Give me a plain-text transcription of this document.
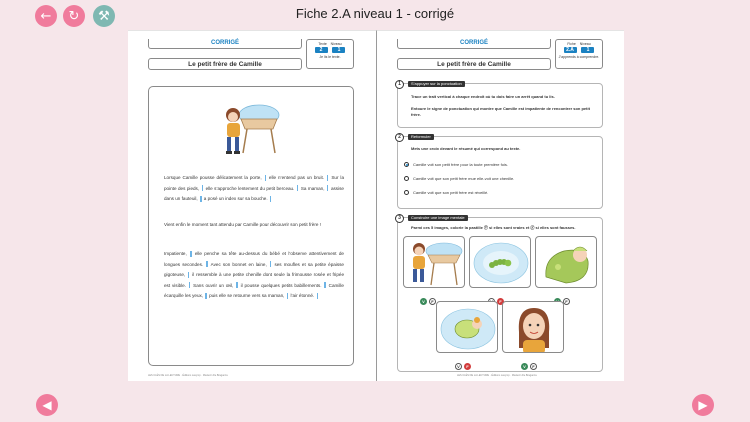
← ↻ ⚒	Fiche 2.A niveau 1 - corrigé
CORRIGÉ
Le petit frère de Camille
Texte Niveau
2	1
Je lis le texte.
Lorsque Camille pousse délicatement la porte,  elle n’entend pas un bruit.  Sur la pointe des pieds,  elle s’approche lentement du petit berceau.  Sa maman,  assise dans un fauteuil,  a posé un index sur sa bouche.
Vient enfin le moment tant attendu par Camille pour découvrir son petit frère !
Impatiente,  elle penche sa tête au-dessus du bébé et l’observe attentivement de longues secondes.  Avec son bonnet en laine,  ses moufles et sa petite épaisse gigoteuse,  il ressemble à une petite chenille dont seule la frimousse rosée et fripée est visible.  Sans ouvrir un œil,  il pousse quelques petits babillements.  Camille écarquille les yeux,  puis elle se retourne vers sa maman,  l’air étonné.
LES CLÉS DE LA LECTURE · Éditions Lasymp · Médecin De Braganza
CORRIGÉ
Le petit frère de Camille
Fiche Niveau
2.A	1
J’apprends à comprendre.
1	S’appuyer sur la ponctuation
Trace un trait vertical à chaque endroit où tu dois faire un arrêt quand tu lis.
Entoure le signe de ponctuation qui montre que Camille est impatiente de rencontrer son petit frère.
2	Reformuler
Mets une croix devant le résumé qui correspond au texte.
Camille voit son petit frère pour la toute première fois.
Camille voit que son petit frère mue elle-voit une chenille.
Camille voit que son petit frère est réveillé.
3	Construire une image mentale
Parmi ces 5 images, colorie la pastille Ⓥ si elles sont vraies et Ⓕ si elles sont fausses.
V F	F	F
V F	V F
LES CLÉS DE LA LECTURE · Éditions Lasymp · Médecin De Braganza
◀	▶
